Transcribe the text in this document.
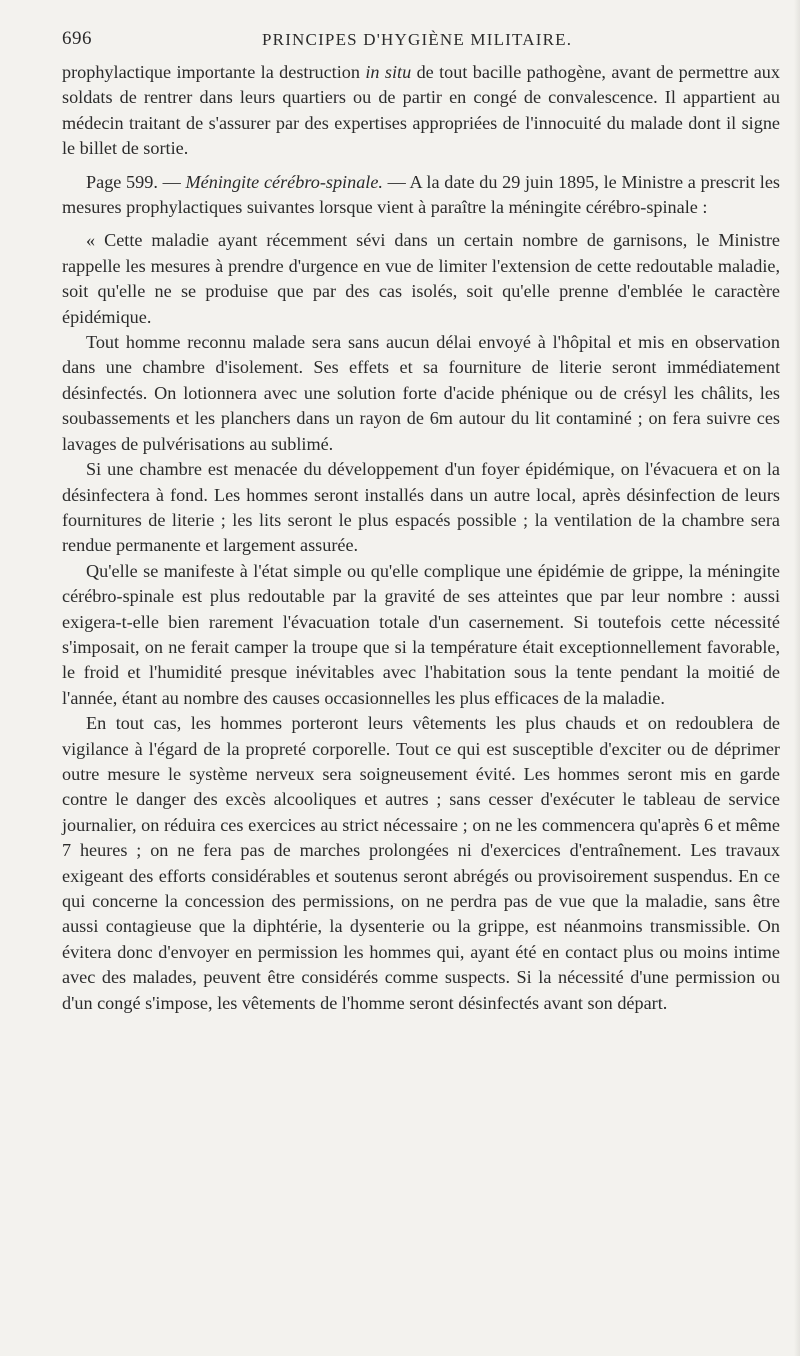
696	PRINCIPES D'HYGIÈNE MILITAIRE.

prophylactique importante la destruction in situ de tout bacille pathogène, avant de permettre aux soldats de rentrer dans leurs quartiers ou de partir en congé de convalescence. Il appartient au médecin traitant de s'assurer par des expertises appropriées de l'innocuité du malade dont il signe le billet de sortie.

Page 599. — Méningite cérébro-spinale. — A la date du 29 juin 1895, le Ministre a prescrit les mesures prophylactiques suivantes lorsque vient à paraître la méningite cérébro-spinale :

« Cette maladie ayant récemment sévi dans un certain nombre de garnisons, le Ministre rappelle les mesures à prendre d'urgence en vue de limiter l'extension de cette redoutable maladie, soit qu'elle ne se produise que par des cas isolés, soit qu'elle prenne d'emblée le caractère épidémique.

Tout homme reconnu malade sera sans aucun délai envoyé à l'hôpital et mis en observation dans une chambre d'isolement. Ses effets et sa fourniture de literie seront immédiatement désinfectés. On lotionnera avec une solution forte d'acide phénique ou de crésyl les châlits, les soubassements et les planchers dans un rayon de 6m autour du lit contaminé ; on fera suivre ces lavages de pulvérisations au sublimé.

Si une chambre est menacée du développement d'un foyer épidémique, on l'évacuera et on la désinfectera à fond. Les hommes seront installés dans un autre local, après désinfection de leurs fournitures de literie ; les lits seront le plus espacés possible ; la ventilation de la chambre sera rendue permanente et largement assurée.

Qu'elle se manifeste à l'état simple ou qu'elle complique une épidémie de grippe, la méningite cérébro-spinale est plus redoutable par la gravité de ses atteintes que par leur nombre : aussi exigera-t-elle bien rarement l'évacuation totale d'un casernement. Si toutefois cette nécessité s'imposait, on ne ferait camper la troupe que si la température était exceptionnellement favorable, le froid et l'humidité presque inévitables avec l'habitation sous la tente pendant la moitié de l'année, étant au nombre des causes occasionnelles les plus efficaces de la maladie.

En tout cas, les hommes porteront leurs vêtements les plus chauds et on redoublera de vigilance à l'égard de la propreté corporelle. Tout ce qui est susceptible d'exciter ou de déprimer outre mesure le système nerveux sera soigneusement évité. Les hommes seront mis en garde contre le danger des excès alcooliques et autres ; sans cesser d'exécuter le tableau de service journalier, on réduira ces exercices au strict nécessaire ; on ne les commencera qu'après 6 et même 7 heures ; on ne fera pas de marches prolongées ni d'exercices d'entraînement. Les travaux exigeant des efforts considérables et soutenus seront abrégés ou provisoirement suspendus. En ce qui concerne la concession des permissions, on ne perdra pas de vue que la maladie, sans être aussi contagieuse que la diphtérie, la dysenterie ou la grippe, est néanmoins transmissible. On évitera donc d'envoyer en permission les hommes qui, ayant été en contact plus ou moins intime avec des malades, peuvent être considérés comme suspects. Si la nécessité d'une permission ou d'un congé s'impose, les vêtements de l'homme seront désinfectés avant son départ.
